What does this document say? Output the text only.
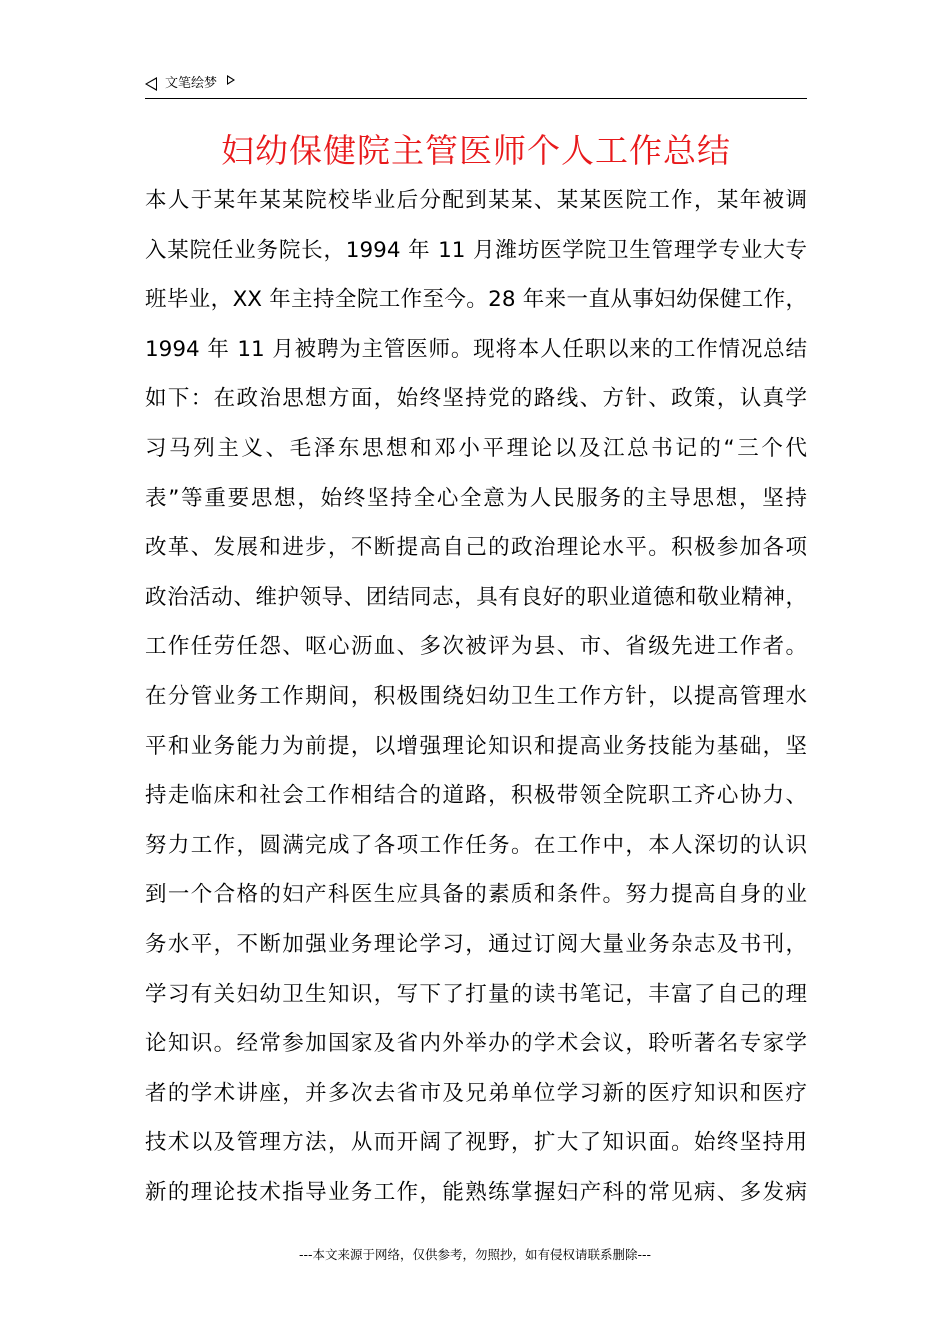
文笔绘梦
妇幼保健院主管医师个人工作总结
本人于某年某某院校毕业后分配到某某、某某医院工作，某年被调
入某院任业务院长，1994 年 11 月潍坊医学院卫生管理学专业大专
班毕业，XX 年主持全院工作至今。28 年来一直从事妇幼保健工作，
1994 年 11 月被聘为主管医师。现将本人任职以来的工作情况总结
如下：在政治思想方面，始终坚持党的路线、方针、政策，认真学
习马列主义、毛泽东思想和邓小平理论以及江总书记的“三个代
表”等重要思想，始终坚持全心全意为人民服务的主导思想，坚持
改革、发展和进步，不断提高自己的政治理论水平。积极参加各项
政治活动、维护领导、团结同志，具有良好的职业道德和敬业精神，
工作任劳任怨、呕心沥血、多次被评为县、市、省级先进工作者。
在分管业务工作期间，积极围绕妇幼卫生工作方针，以提高管理水
平和业务能力为前提，以增强理论知识和提高业务技能为基础，坚
持走临床和社会工作相结合的道路，积极带领全院职工齐心协力、
努力工作，圆满完成了各项工作任务。在工作中，本人深切的认识
到一个合格的妇产科医生应具备的素质和条件。努力提高自身的业
务水平，不断加强业务理论学习，通过订阅大量业务杂志及书刊，
学习有关妇幼卫生知识，写下了打量的读书笔记，丰富了自己的理
论知识。经常参加国家及省内外举办的学术会议，聆听著名专家学
者的学术讲座，并多次去省市及兄弟单位学习新的医疗知识和医疗
技术以及管理方法，从而开阔了视野，扩大了知识面。始终坚持用
新的理论技术指导业务工作，能熟练掌握妇产科的常见病、多发病
---本文来源于网络，仅供参考，勿照抄，如有侵权请联系删除---
